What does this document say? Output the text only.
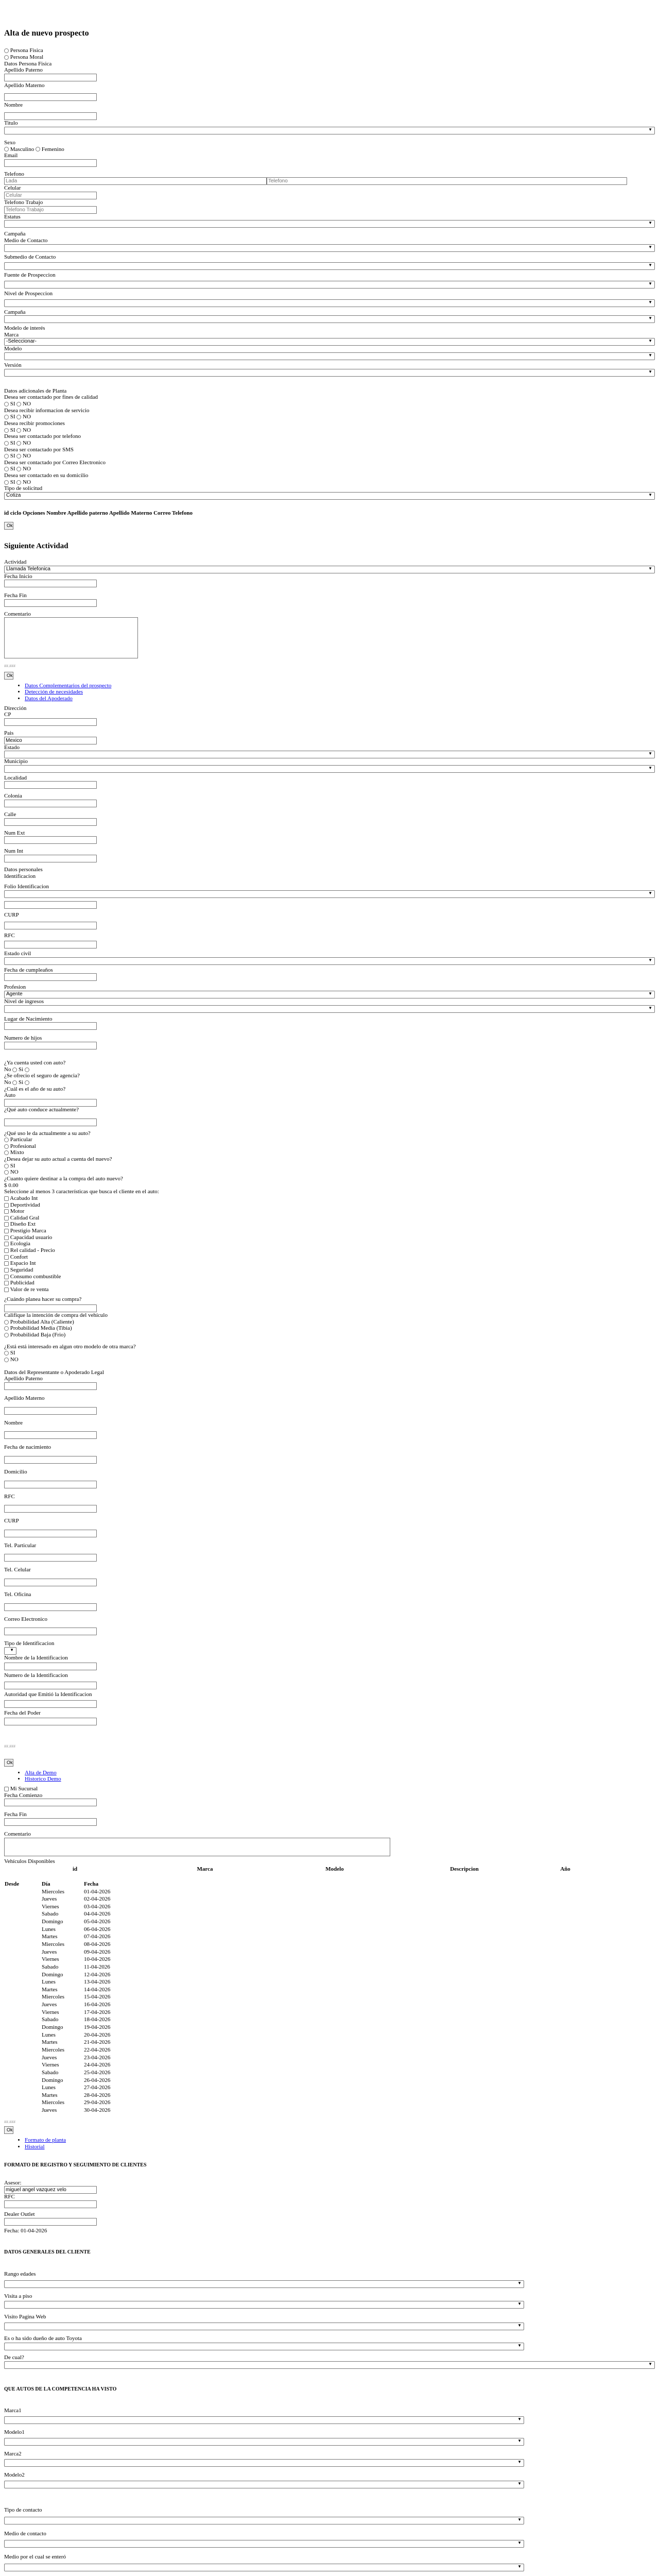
Alta de nuevo prospecto
Persona Fisica
Persona Moral
Datos Persona Fisica
Apellido Paterno
Apellido Materno
Nombre
Titulo
▼
Sexo
Masculino Femenino
Email
Telefono
Lada
Telefono
Celular
Celular
Telefono Trabajo
Telefono Trabajo
Estatus
▼
Campaña
Medio de Contacto
▼
Submedio de Contacto
▼
Fuente de Prospeccion
▼
Nivel de Prospeccion
▼
Campaña
▼
Modelo de interés
Marca
-Seleccionar-	▼
Modelo
▼
Versión
▼
Datos adicionales de Planta
Desea ser contactado por fines de calidad
SI NO
Desea recibir informacion de servicio
SI NO
Desea recibir promociones
SI NO
Desea ser contactado por telefono
SI NO
Desea ser contactado por SMS
SI NO
Desea ser contactado por Correo Electronico
SI NO
Desea ser contactado en su domicilio
SI NO
Tipo de solicitud
Cotiza	▼
id ciclo Opciones Nombre Apellido paterno Apellido Materno Correo Telefono
Ok
Siguiente Actividad
Actividad
Llamada Telefonica	▼
Fecha Inicio
Fecha Fin
Comentario
##.###
Ok
• Datos Complementarios del prospecto
• Detección de necesidades
• Datos del Apoderado
Dirección
CP
Pais
Mexico
Estado
▼
Municipio
▼
Localidad
Colonia
Calle
Num Ext
Num Int
Datos personales
Identificacion
Folio Identificacion
▼
CURP
RFC
Estado civil
▼
Fecha de cumpleaños
Profesion
Agente	▼
Nivel de ingresos
▼
Lugar de Nacimiento
Numero de hijos
¿Ya cuenta usted con auto?
No Si
¿Se ofrecio el seguro de agencia?
No Si
¿Cuál es el año de su auto?
Auto
¿Qué auto conduce actualmente?
¿Qué uso le da actualmente a su auto?
Particular
Profesional
Mixto
¿Desea dejar su auto actual a cuenta del nuevo?
SI
NO
¿Cuanto quiere destinar a la compra del auto nuevo?
$ 0.00
Seleccione al menos 3 características que busca el cliente en el auto:
Acabado Int
Deportividad
Motor
Calidad Gral
Diseño Ext
Prestigio Marca
Capacidad usuario
Ecologia
Rel calidad - Precio
Confort
Espacio Int
Seguridad
Consumo combustible
Publicidad
Valor de re venta
¿Cuándo planea hacer su compra?
Califique la intención de compra del vehículo
Probabilidad Alta (Caliente)
Probabilidad Media (Tibia)
Probabilidad Baja (Frio)
¿Está está interesado en algun otro modelo de otra marca?
SI
NO
Datos del Representante o Apoderado Legal
Apellido Paterno
Apellido Materno
Nombre
Fecha de nacimiento
Domicilio
RFC
CURP
Tel. Particular
Tel. Celular
Tel. Oficina
Correo Electronico
Tipo de Identificacion
▼
Nombre de la Identificacion
Numero de la Identificacion
Autoridad que Emitió la Identificacion
Fecha del Poder
##.###
Ok
• Alta de Demo
• Historico Demo
Mi Sucursal
Fecha Comienzo
Fecha Fin
Comentario
Vehículos Disponibles
	id	Marca	Modelo	Descripcion	Año
Desde	Día	Fecha
	Miercoles	01-04-2026
	Jueves	02-04-2026
	Viernes	03-04-2026
	Sabado	04-04-2026
	Domingo	05-04-2026
	Lunes	06-04-2026
	Martes	07-04-2026
	Miercoles	08-04-2026
	Jueves	09-04-2026
	Viernes	10-04-2026
	Sabado	11-04-2026
	Domingo	12-04-2026
	Lunes	13-04-2026
	Martes	14-04-2026
	Miercoles	15-04-2026
	Jueves	16-04-2026
	Viernes	17-04-2026
	Sabado	18-04-2026
	Domingo	19-04-2026
	Lunes	20-04-2026
	Martes	21-04-2026
	Miercoles	22-04-2026
	Jueves	23-04-2026
	Viernes	24-04-2026
	Sabado	25-04-2026
	Domingo	26-04-2026
	Lunes	27-04-2026
	Martes	28-04-2026
	Miercoles	29-04-2026
	Jueves	30-04-2026
##.###
Ok
• Formato de planta
• Historial
FORMATO DE REGISTRO Y SEGUIMIENTO DE CLIENTES
Asesor:
miguel angel vazquez velo
RFC
Dealer Outlet
Fecha: 01-04-2026
DATOS GENERALES DEL CLIENTE
Rango edades
▼
Visita a piso
▼
Visito Pagina Web
▼
Es o ha sido dueño de auto Toyota
▼
De cual?
▼
QUE AUTOS DE LA COMPETENCIA HA VISTO
Marca1
▼
Modelo1
▼
Marca2
▼
Modelo2
▼
Tipo de contacto
▼
Medio de contacto
▼
Medio por el cual se enteró
▼
